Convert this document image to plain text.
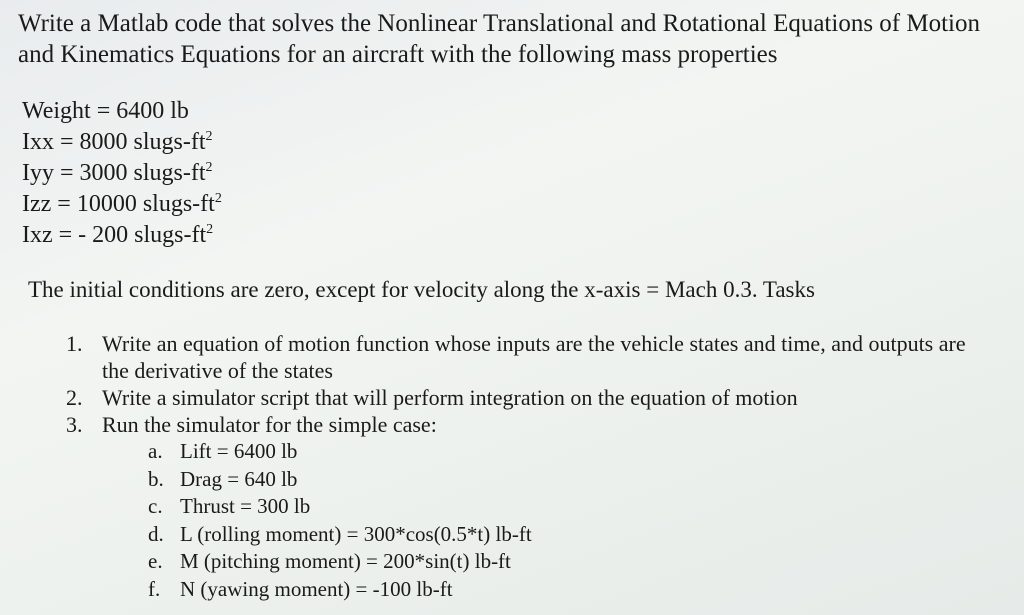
Write a Matlab code that solves the Nonlinear Translational and Rotational Equations of Motion and Kinematics Equations for an aircraft with the following mass properties

Weight = 6400 lb
Ixx = 8000 slugs-$ft^2$
Iyy = 3000 slugs-$ft^2$
Izz = 10000 slugs-$ft^2$
Ixz = - 200 slugs-$ft^2$

The initial conditions are zero, except for velocity along the x-axis = Mach 0.3. Tasks

1. Write an equation of motion function whose inputs are the vehicle states and time, and outputs are the derivative of the states
2. Write a simulator script that will perform integration on the equation of motion
3. Run the simulator for the simple case:
a. Lift = 6400 lb
b. Drag = 640 lb
c. Thrust = 300 lb
d. L (rolling moment) = 300*cos(0.5*t) lb-ft
e. M (pitching moment) = 200*sin(t) lb-ft
f. N (yawing moment) = -100 lb-ft
